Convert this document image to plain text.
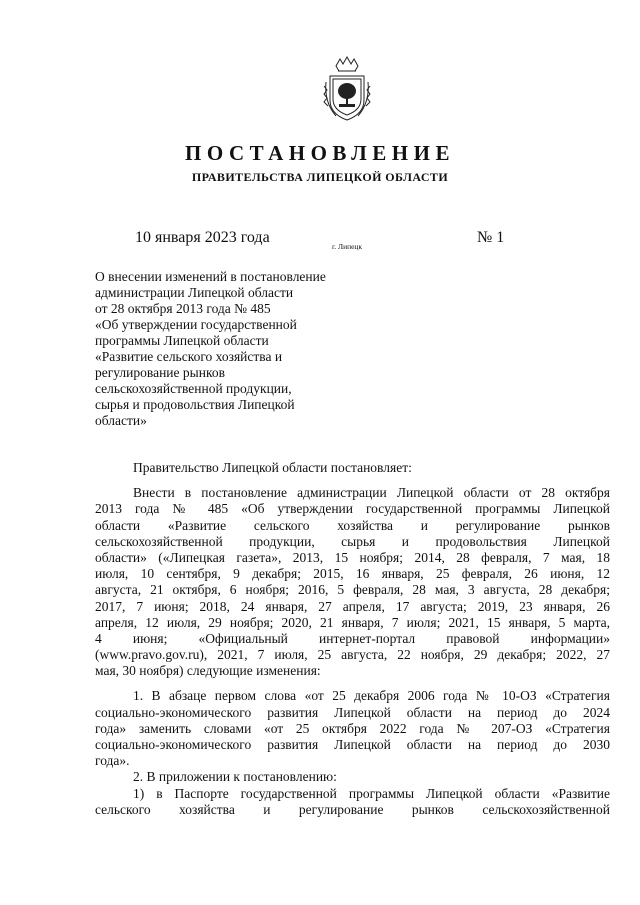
ПОСТАНОВЛЕНИЕ
ПРАВИТЕЛЬСТВА ЛИПЕЦКОЙ ОБЛАСТИ
10 января 2023 года
г. Липецк
№ 1
О внесении изменений в постановление
администрации Липецкой области
от 28 октября 2013 года № 485
«Об утверждении государственной
программы Липецкой области
«Развитие сельского хозяйства и
регулирование рынков
сельскохозяйственной продукции,
сырья и продовольствия Липецкой
области»
Правительство Липецкой области постановляет:
Внести в постановление администрации Липецкой области от 28 октября
2013 года № 485 «Об утверждении государственной программы Липецкой
области «Развитие сельского хозяйства и регулирование рынков
сельскохозяйственной продукции, сырья и продовольствия Липецкой
области» («Липецкая газета», 2013, 15 ноября; 2014, 28 февраля, 7 мая, 18
июля, 10 сентября, 9 декабря; 2015, 16 января, 25 февраля, 26 июня, 12
августа, 21 октября, 6 ноября; 2016, 5 февраля, 28 мая, 3 августа, 28 декабря;
2017, 7 июня; 2018, 24 января, 27 апреля, 17 августа; 2019, 23 января, 26
апреля, 12 июля, 29 ноября; 2020, 21 января, 7 июля; 2021, 15 января, 5 марта,
4 июня; «Официальный интернет-портал правовой информации»
(www.pravo.gov.ru), 2021, 7 июля, 25 августа, 22 ноября, 29 декабря; 2022, 27
мая, 30 ноября) следующие изменения:
1. В абзаце первом слова «от 25 декабря 2006 года № 10-ОЗ «Стратегия
социально-экономического развития Липецкой области на период до 2024
года» заменить словами «от 25 октября 2022 года № 207-ОЗ «Стратегия
социально-экономического развития Липецкой области на период до 2030
года».
2. В приложении к постановлению:
1) в Паспорте государственной программы Липецкой области «Развитие
сельского хозяйства и регулирование рынков сельскохозяйственной
